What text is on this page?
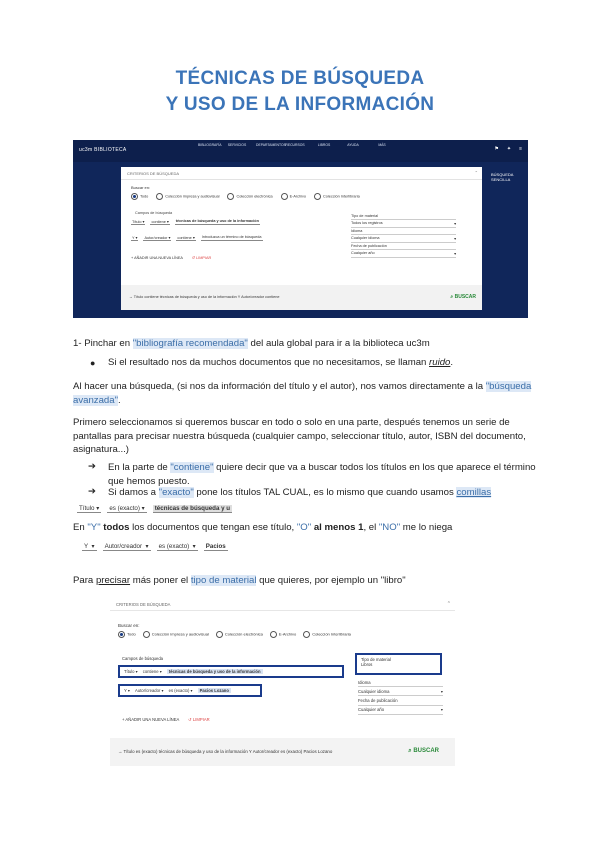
TÉCNICAS DE BÚSQUEDA
Y USO DE LA INFORMACIÓN
uc3m BIBLIOTECA
BIBLIOGRAFÍA SERVICIOS	DEPARTAMENTOS RECURSOS	LIBROS	AYUDA	MÁS
⚑ ✦ ≡
BÚSQUEDA SENCILLA
CRITERIOS DE BÚSQUEDA	⌃
Buscar en:
Todo	Colección impresa y audiovisual	Colección electrónica	E-Archivo	Colección Interlibraria
Campos de búsqueda
Título ▾ contiene ▾ técnicas de búsqueda y uso de la información
Y ▾ Autor/creador ▾ contiene ▾ Introduzca un término de búsqueda
Tipo de material
Todos los registros	▾
Idioma
Cualquier idioma	▾
Fecha de publicación
Cualquier año	▾
+ AÑADIR UNA NUEVA LÍNEA ↺ LIMPIAR
→ Título contiene técnicas de búsqueda y uso de la información Y Autor/creador contiene	⌕ BUSCAR

1- Pinchar en "bibliografía recomendada" del aula global para ir a la biblioteca uc3m

● Si el resultado nos da muchos documentos que no necesitamos, se llaman ruido.

Al hacer una búsqueda, (si nos da información del título y el autor), nos vamos directamente a la "búsqueda avanzada".

Primero seleccionamos si queremos buscar en todo o solo en una parte, después tenemos un serie de pantallas para precisar nuestra búsqueda (cualquier campo, seleccionar título, autor, ISBN del documento, asignatura...)

➔ En la parte de "contiene" quiere decir que va a buscar todos los títulos en los que aparece el término que hemos puesto.

➔ Si damos a "exacto" pone los títulos TAL CUAL, es lo mismo que cuando usamos comillas

Título ▾	es (exacto) ▾	técnicas de búsqueda y u

En "Y" todos los documentos que tengan ese título, "O" al menos 1, el "NO" me lo niega

Y  ▾	Autor/creador  ▾	es (exacto)  ▾	Pacios

Para precisar más poner el tipo de material que quieres, por ejemplo un "libro"

CRITERIOS DE BÚSQUEDA	⌃
Buscar en:
Todo	Colección impresa y audiovisual	Colección electrónica	E-Archivo	Colección Interlibraria
Campos de búsqueda
Título ▾ contiene ▾	técnicas de búsqueda y uso de la información
Y ▾ Autor/creador ▾ es (exacto) ▾	Pacios Lozano
Tipo de material
Libros
Idioma
Cualquier idioma	▾
Fecha de publicación
Cualquier año	▾
+ AÑADIR UNA NUEVA LÍNEA ↺ LIMPIAR
→ Título es (exacto) técnicas de búsqueda y uso de la información Y Autor/creador es (exacto) Pacios Lozano	⌕ BUSCAR
